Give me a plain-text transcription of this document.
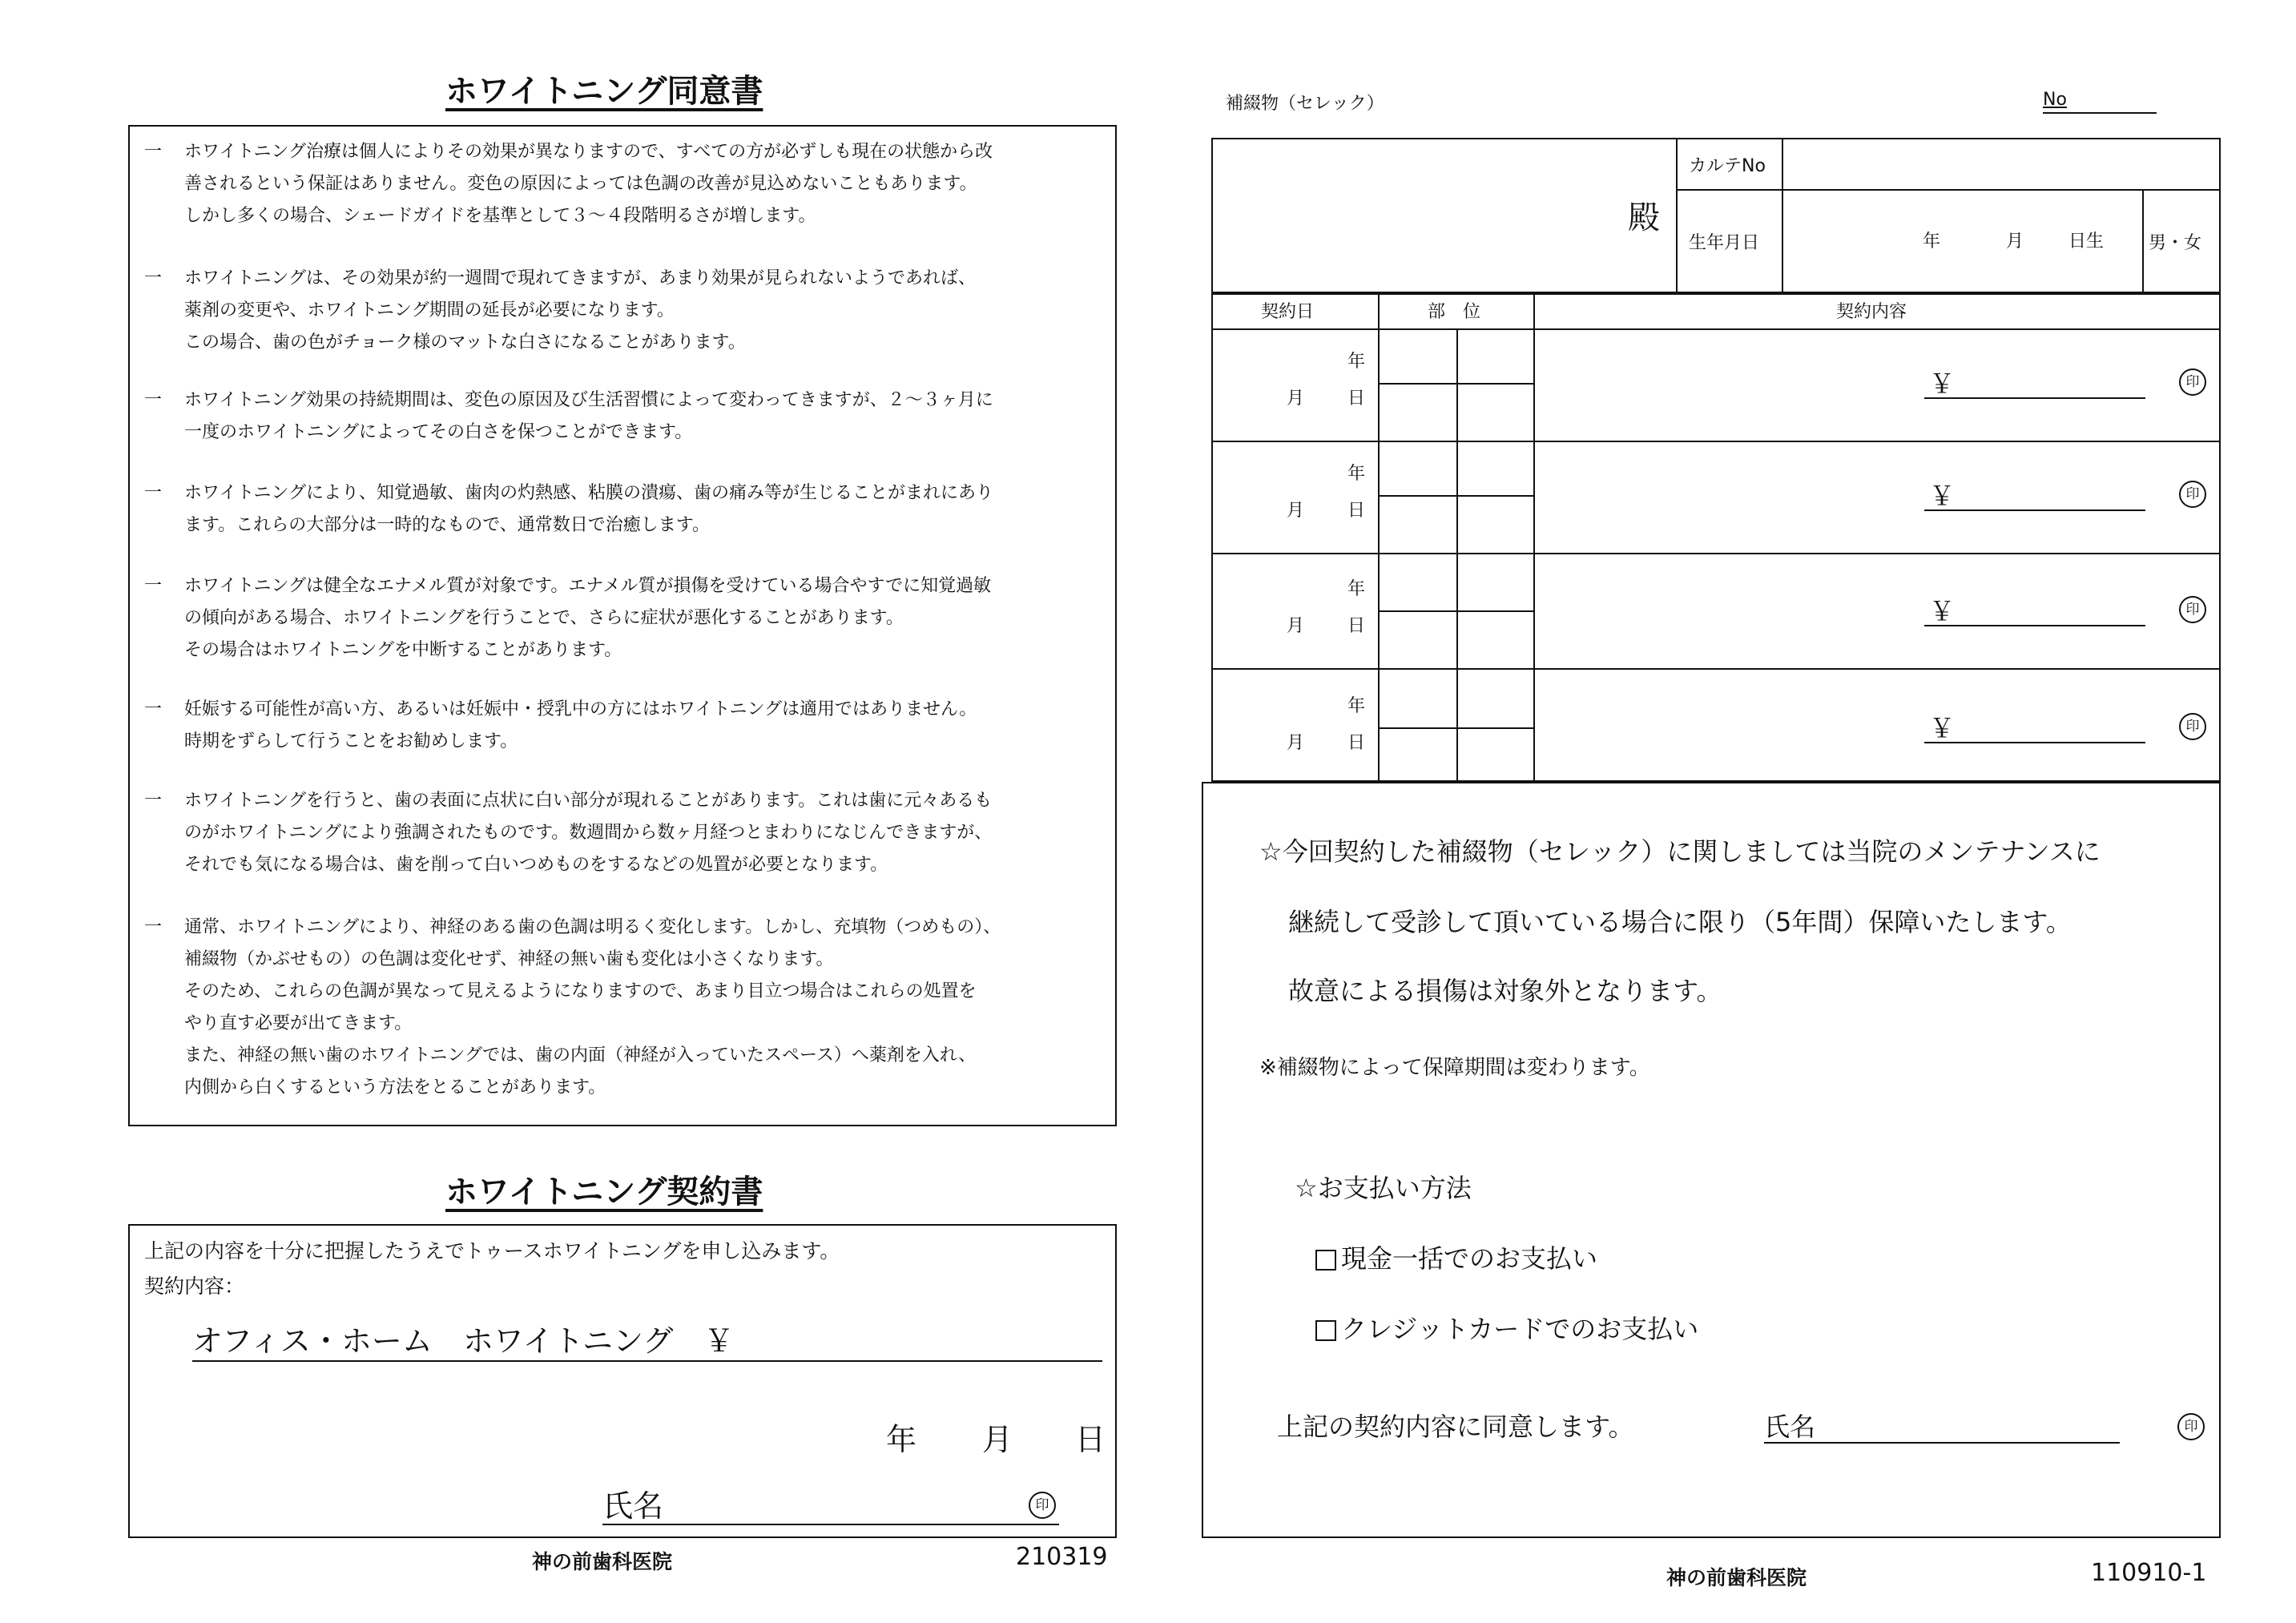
ホワイトニング同意書
一 ホワイトニング治療は個人によりその効果が異なりますので、すべての方が必ずしも現在の状態から改
善されるという保証はありません。変色の原因によっては色調の改善が見込めないこともあります。
しかし多くの場合、シェードガイドを基準として３～４段階明るさが増します。
一 ホワイトニングは、その効果が約一週間で現れてきますが、あまり効果が見られないようであれば、
薬剤の変更や、ホワイトニング期間の延長が必要になります。
この場合、歯の色がチョーク様のマットな白さになることがあります。
一 ホワイトニング効果の持続期間は、変色の原因及び生活習慣によって変わってきますが、２～３ヶ月に
一度のホワイトニングによってその白さを保つことができます。
一 ホワイトニングにより、知覚過敏、歯肉の灼熱感、粘膜の潰瘍、歯の痛み等が生じることがまれにあり
ます。これらの大部分は一時的なもので、通常数日で治癒します。
一 ホワイトニングは健全なエナメル質が対象です。エナメル質が損傷を受けている場合やすでに知覚過敏
の傾向がある場合、ホワイトニングを行うことで、さらに症状が悪化することがあります。
その場合はホワイトニングを中断することがあります。
一 妊娠する可能性が高い方、あるいは妊娠中・授乳中の方にはホワイトニングは適用ではありません。
時期をずらして行うことをお勧めします。
一 ホワイトニングを行うと、歯の表面に点状に白い部分が現れることがあります。これは歯に元々あるも
のがホワイトニングにより強調されたものです。数週間から数ヶ月経つとまわりになじんできますが、
それでも気になる場合は、歯を削って白いつめものをするなどの処置が必要となります。
一 通常、ホワイトニングにより、神経のある歯の色調は明るく変化します。しかし、充填物（つめもの）、
補綴物（かぶせもの）の色調は変化せず、神経の無い歯も変化は小さくなります。
そのため、これらの色調が異なって見えるようになりますので、あまり目立つ場合はこれらの処置を
やり直す必要が出てきます。
また、神経の無い歯のホワイトニングでは、歯の内面（神経が入っていたスペース）へ薬剤を入れ、
内側から白くするという方法をとることがあります。
ホワイトニング契約書
上記の内容を十分に把握したうえでトゥースホワイトニングを申し込みます。
契約内容：
オフィス・ホーム　ホワイトニング　￥
年 月 日
氏名	印
神の前歯科医院	210319
補綴物（セレック）	No
殿
カルテNo
生年月日	年	月	日生	男・女
契約日	部　位	契約内容
年
月 日	￥	印
年
月 日	￥	印
年
月 日	￥	印
年
月 日	￥	印
☆今回契約した補綴物（セレック）に関しましては当院のメンテナンスに
継続して受診して頂いている場合に限り（5年間）保障いたします。
故意による損傷は対象外となります。
※補綴物によって保障期間は変わります。
☆お支払い方法
現金一括でのお支払い
クレジットカードでのお支払い
上記の契約内容に同意します。	氏名	印
神の前歯科医院	110910-1
